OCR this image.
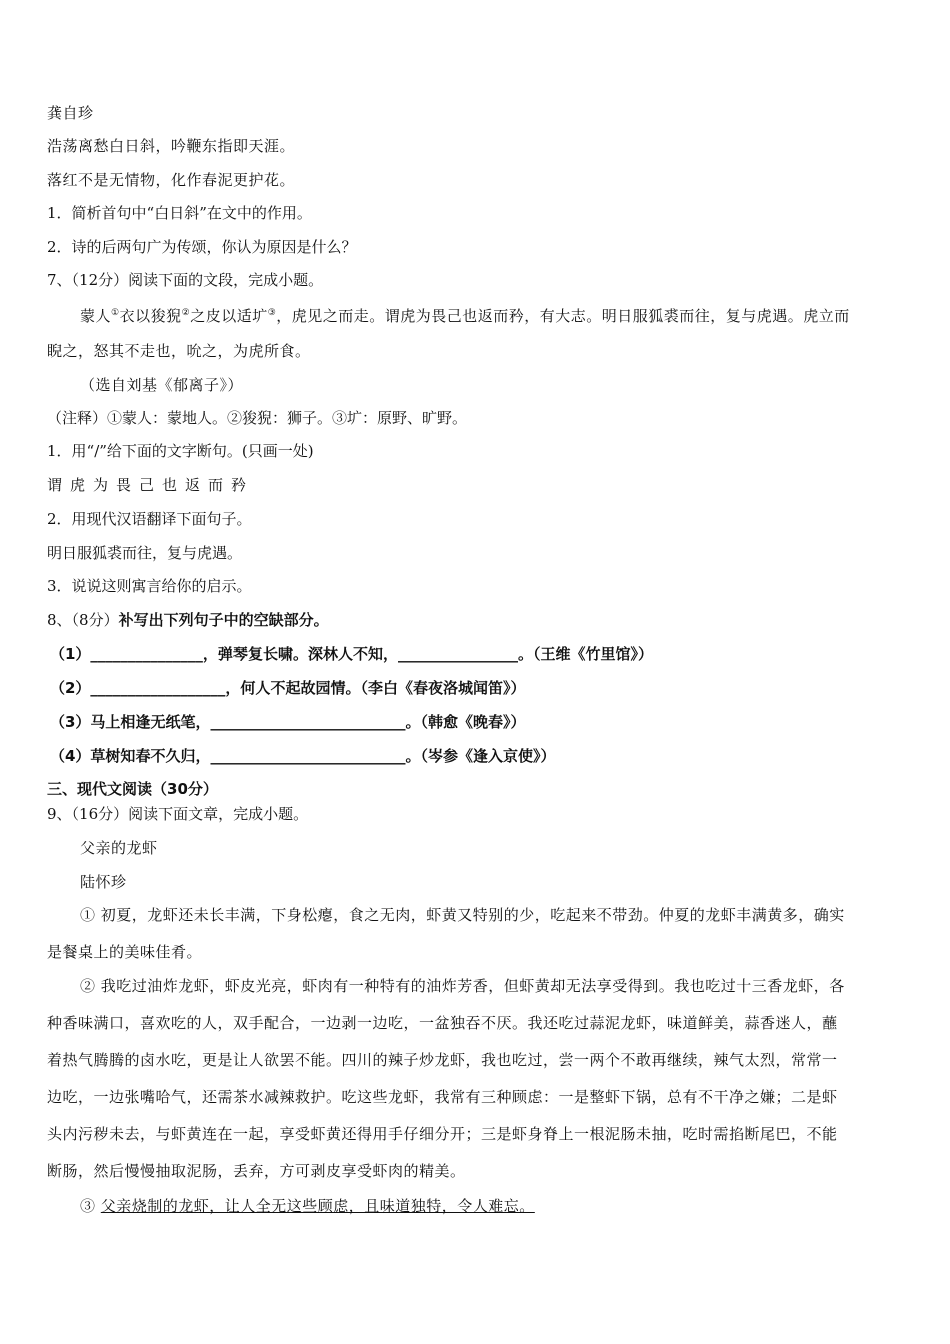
龚自珍
浩荡离愁白日斜，吟鞭东指即天涯。
落红不是无情物，化作春泥更护花。
1．简析首句中“白日斜”在文中的作用。
2．诗的后两句广为传颂，你认为原因是什么？
7、（12分）阅读下面的文段，完成小题。
蒙人①衣以狻猊②之皮以适圹③，虎见之而走。谓虎为畏己也返而矜，有大志。明日服狐裘而往，复与虎遇。虎立而
睨之，怒其不走也，吮之，为虎所食。
（选自刘基《郁离子》）
（注释）①蒙人：蒙地人。②狻猊：狮子。③圹：原野、旷野。
1．用“/”给下面的文字断句。(只画一处)
谓虎为畏己也返而矜
2．用现代汉语翻译下面句子。
明日服狐裘而往，复与虎遇。
3．说说这则寓言给你的启示。
8、（8分）补写出下列句子中的空缺部分。
（1）_______________，弹琴复长啸。深林人不知，________________。（王维《竹里馆》）
（2）__________________，何人不起故园情。（李白《春夜洛城闻笛》）
（3）马上相逢无纸笔，__________________________。（韩愈《晚春》）
（4）草树知春不久归，__________________________。（岑参《逢入京使》）
三、现代文阅读（30分）
9、（16分）阅读下面文章，完成小题。
父亲的龙虾
陆怀珍
① 初夏，龙虾还未长丰满，下身松瘪，食之无肉，虾黄又特别的少，吃起来不带劲。仲夏的龙虾丰满黄多，确实
是餐桌上的美味佳肴。
② 我吃过油炸龙虾，虾皮光亮，虾肉有一种特有的油炸芳香，但虾黄却无法享受得到。我也吃过十三香龙虾，各
种香味满口，喜欢吃的人，双手配合，一边剥一边吃，一盆独吞不厌。我还吃过蒜泥龙虾，味道鲜美，蒜香迷人，蘸
着热气腾腾的卤水吃，更是让人欲罢不能。四川的辣子炒龙虾，我也吃过，尝一两个不敢再继续，辣气太烈，常常一
边吃，一边张嘴哈气，还需茶水减辣救护。吃这些龙虾，我常有三种顾虑：一是整虾下锅，总有不干净之嫌；二是虾
头内污秽未去，与虾黄连在一起，享受虾黄还得用手仔细分开；三是虾身脊上一根泥肠未抽，吃时需掐断尾巴，不能
断肠，然后慢慢抽取泥肠，丢弃，方可剥皮享受虾肉的精美。
③ 父亲烧制的龙虾，让人全无这些顾虑，且味道独特，令人难忘。
